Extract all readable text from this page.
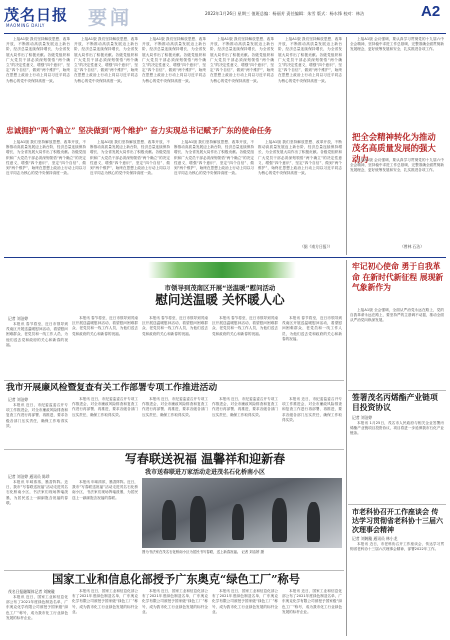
茂名日报
MAOMING DAILY 要闻	2022年1月26日 星期三 值班总编：杨丽芳 责任编辑：朱雪 版式：杨水锋 校对：林洁	A2

上接A1版 我们坚持解放思想、改革开放，不断推动高质量发展迈上新台阶，经济总量连续保持增长，为全省发展大局作出了积极贡献。各级党组织和广大党员干部必须深刻领悟“两个确立”的决定性意义，增强“四个意识”、坚定“四个自信”、做到“两个维护”，始终在思想上政治上行动上同以习近平同志为核心的党中央保持高度一致。

上接A1版 我们坚持解放思想、改革开放，不断推动高质量发展迈上新台阶，经济总量连续保持增长，为全省发展大局作出了积极贡献。各级党组织和广大党员干部必须深刻领悟“两个确立”的决定性意义，增强“四个意识”、坚定“四个自信”、做到“两个维护”，始终在思想上政治上行动上同以习近平同志为核心的党中央保持高度一致。

上接A1版 我们坚持解放思想、改革开放，不断推动高质量发展迈上新台阶，经济总量连续保持增长，为全省发展大局作出了积极贡献。各级党组织和广大党员干部必须深刻领悟“两个确立”的决定性意义，增强“四个意识”、坚定“四个自信”、做到“两个维护”，始终在思想上政治上行动上同以习近平同志为核心的党中央保持高度一致。

上接A1版 我们坚持解放思想、改革开放，不断推动高质量发展迈上新台阶，经济总量连续保持增长，为全省发展大局作出了积极贡献。各级党组织和广大党员干部必须深刻领悟“两个确立”的决定性意义，增强“四个意识”、坚定“四个自信”、做到“两个维护”，始终在思想上政治上行动上同以习近平同志为核心的党中央保持高度一致。

上接A1版 我们坚持解放思想、改革开放，不断推动高质量发展迈上新台阶，经济总量连续保持增长，为全省发展大局作出了积极贡献。各级党组织和广大党员干部必须深刻领悟“两个确立”的决定性意义，增强“四个意识”、坚定“四个自信”、做到“两个维护”，始终在思想上政治上行动上同以习近平同志为核心的党中央保持高度一致。

上接A1版 会议强调，要认真学习贯彻党的十九届六中全会精神，坚持稳中求进工作总基调，完整准确全面贯彻新发展理念，更好统筹发展和安全，扎实推进各项工作。

忠诚拥护“两个确立” 坚决做到“两个维护” 奋力实现总书记赋予广东的使命任务

上接A1版 我们坚持解放思想、改革开放，不断推动高质量发展迈上新台阶，经济总量连续保持增长，为全省发展大局作出了积极贡献。各级党组织和广大党员干部必须深刻领悟“两个确立”的决定性意义，增强“四个意识”、坚定“四个自信”、做到“两个维护”，始终在思想上政治上行动上同以习近平同志为核心的党中央保持高度一致。

上接A1版 我们坚持解放思想、改革开放，不断推动高质量发展迈上新台阶，经济总量连续保持增长，为全省发展大局作出了积极贡献。各级党组织和广大党员干部必须深刻领悟“两个确立”的决定性意义，增强“四个意识”、坚定“四个自信”、做到“两个维护”，始终在思想上政治上行动上同以习近平同志为核心的党中央保持高度一致。

上接A1版 我们坚持解放思想、改革开放，不断推动高质量发展迈上新台阶，经济总量连续保持增长，为全省发展大局作出了积极贡献。各级党组织和广大党员干部必须深刻领悟“两个确立”的决定性意义，增强“四个意识”、坚定“四个自信”、做到“两个维护”，始终在思想上政治上行动上同以习近平同志为核心的党中央保持高度一致。

上接A1版 我们坚持解放思想、改革开放，不断推动高质量发展迈上新台阶，经济总量连续保持增长，为全省发展大局作出了积极贡献。各级党组织和广大党员干部必须深刻领悟“两个确立”的决定性意义，增强“四个意识”、坚定“四个自信”、做到“两个维护”，始终在思想上政治上行动上同以习近平同志为核心的党中央保持高度一致。

（据《南方日报》）
把全会精神转化为推动茂名高质量发展的强大动力

上接A1版 会议强调，要认真学习贯彻党的十九届六中全会精神，坚持稳中求进工作总基调，完整准确全面贯彻新发展理念，更好统筹发展和安全，扎实推进各项工作。

（曾林 石洁）
市领导到茂南区开展“送温暖”慰问活动
慰问送温暖 关怀暖人心
记者 刘洁婷

本报讯 春节将至，近日市领导到茂南区开展送温暖慰问活动，看望慰问困难群众、老党员和一线工作人员，为他们送去党和政府的关心和新春的祝福。

本报讯 春节将至，近日市领导到茂南区开展送温暖慰问活动，看望慰问困难群众、老党员和一线工作人员，为他们送去党和政府的关心和新春的祝福。

本报讯 春节将至，近日市领导到茂南区开展送温暖慰问活动，看望慰问困难群众、老党员和一线工作人员，为他们送去党和政府的关心和新春的祝福。

本报讯 春节将至，近日市领导到茂南区开展送温暖慰问活动，看望慰问困难群众、老党员和一线工作人员，为他们送去党和政府的关心和新春的祝福。

本报讯 春节将至，近日市领导到茂南区开展送温暖慰问活动，看望慰问困难群众、老党员和一线工作人员，为他们送去党和政府的关心和新春的祝福。

我市开展廉风检暨复查有关工作部署专项工作推进活动
记者 刘洁婷

本报讯 近日，市纪委监委召开专项工作推进会，对全市廉政风险排查和复查工作进行再部署、再推进，要求各级各部门压实责任，确保工作取得实效。

本报讯 近日，市纪委监委召开专项工作推进会，对全市廉政风险排查和复查工作进行再部署、再推进，要求各级各部门压实责任，确保工作取得实效。

本报讯 近日，市纪委监委召开专项工作推进会，对全市廉政风险排查和复查工作进行再部署、再推进，要求各级各部门压实责任，确保工作取得实效。

本报讯 近日，市纪委监委召开专项工作推进会，对全市廉政风险排查和复查工作进行再部署、再推进，要求各级各部门压实责任，确保工作取得实效。

本报讯 近日，市纪委监委召开专项工作推进会，对全市廉政风险排查和复查工作进行再部署、再推进，要求各级各部门压实责任，确保工作取得实效。

写春联送祝福 温馨祥和迎新春
我市送春联进万家活动走进茂名石化桥南小区
记者 刘洁婷 通讯员 陈珍

本报讯 年味浓浓，墨香阵阵。近日，我市“写春联送祝福”活动走进茂名石化桥南小区，书法家们现场挥毫泼墨，为居民送上一副副饱含祝福的春联。

本报讯 年味浓浓，墨香阵阵。近日，我市“写春联送祝福”活动走进茂名石化桥南小区，书法家们现场挥毫泼墨，为居民送上一副副饱含祝福的春联。

图为书法家在茂名石化桥南小区为居民书写春联，送上新春祝福。 记者 刘洁婷 摄
牢记初心使命 勇于自我革命 在新时代新征程 展现新气象新作为

上接A1版 全会强调，全面从严治党永远在路上，党的自我革命永远在路上，要坚持严的主基调不动摇，推动全面从严治党向纵深发展。

签署茂名丙烯酯产业链项目投资协议
记者 刘洁婷

本报讯 1月25日，茂名市人民政府与相关企业签署丙烯酯产业链项目投资协议，项目将进一步延伸我市石化产业链条。

市老科协召开工作座谈会 传达学习贯彻省老科协十三届六次理事会精神
记者 刘婉璇 通讯员 林小龙

本报讯 近日，市老科协召开工作座谈会，传达学习贯彻省老科协十三届六次理事会精神，部署2022年工作。

国家工业和信息化部授予广东奥克“绿色工厂”称号
茂名日报融媒体记者 刘婉璇

本报讯 近日，国家工业和信息化部公布了2021年度绿色制造名单，广东奥克化学有限公司被授予国家级“绿色工厂”称号，成为我市化工行业绿色发展的标杆企业。

本报讯 近日，国家工业和信息化部公布了2021年度绿色制造名单，广东奥克化学有限公司被授予国家级“绿色工厂”称号，成为我市化工行业绿色发展的标杆企业。

本报讯 近日，国家工业和信息化部公布了2021年度绿色制造名单，广东奥克化学有限公司被授予国家级“绿色工厂”称号，成为我市化工行业绿色发展的标杆企业。

本报讯 近日，国家工业和信息化部公布了2021年度绿色制造名单，广东奥克化学有限公司被授予国家级“绿色工厂”称号，成为我市化工行业绿色发展的标杆企业。

本报讯 近日，国家工业和信息化部公布了2021年度绿色制造名单，广东奥克化学有限公司被授予国家级“绿色工厂”称号，成为我市化工行业绿色发展的标杆企业。
